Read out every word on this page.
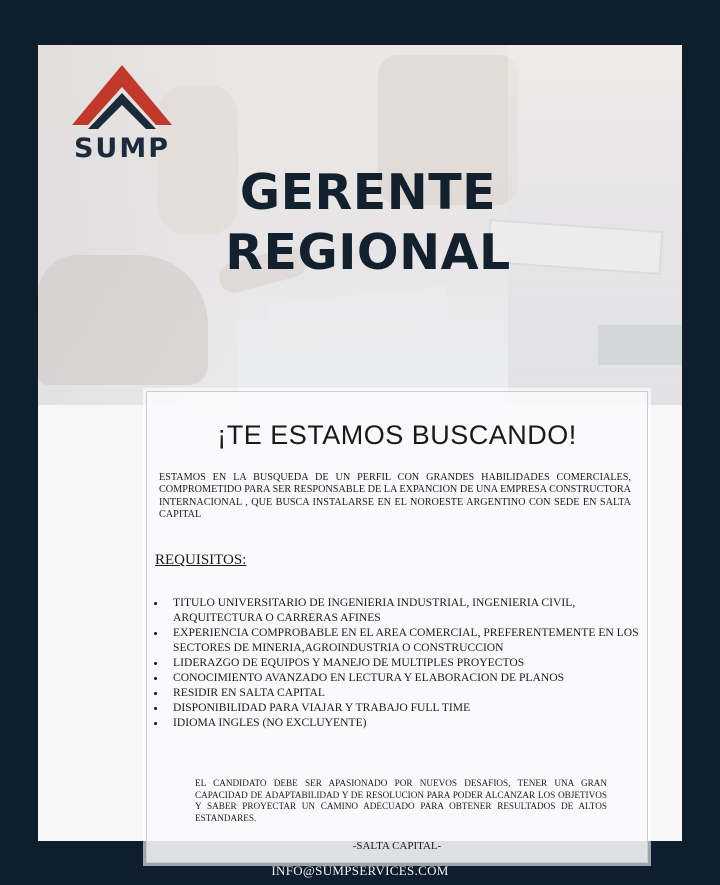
SUMP
GERENTE
REGIONAL
¡TE ESTAMOS BUSCANDO!
ESTAMOS EN LA BUSQUEDA DE UN PERFIL CON GRANDES HABILIDADES COMERCIALES, COMPROMETIDO PARA SER RESPONSABLE DE LA EXPANCION DE UNA EMPRESA CONSTRUCTORA INTERNACIONAL , QUE BUSCA INSTALARSE EN EL NOROESTE ARGENTINO CON SEDE EN SALTA CAPITAL
REQUISITOS:
• TITULO UNIVERSITARIO DE INGENIERIA INDUSTRIAL, INGENIERIA CIVIL, ARQUITECTURA O CARRERAS AFINES
• EXPERIENCIA COMPROBABLE EN EL AREA COMERCIAL, PREFERENTEMENTE EN LOS SECTORES DE MINERIA,AGROINDUSTRIA O CONSTRUCCION
• LIDERAZGO DE EQUIPOS Y MANEJO DE MULTIPLES PROYECTOS
• CONOCIMIENTO AVANZADO EN LECTURA Y ELABORACION DE PLANOS
• RESIDIR EN SALTA CAPITAL
• DISPONIBILIDAD PARA VIAJAR Y TRABAJO FULL TIME
• IDIOMA INGLES (NO EXCLUYENTE)
EL CANDIDATO DEBE SER APASIONADO POR NUEVOS DESAFIOS, TENER UNA GRAN CAPACIDAD DE ADAPTABILIDAD Y DE RESOLUCION PARA PODER ALCANZAR LOS OBJETIVOS Y SABER PROYECTAR UN CAMINO ADECUADO PARA OBTENER RESULTADOS DE ALTOS ESTANDARES.
-SALTA CAPITAL-
¡ENVIANOS TU CV!
INFO@SUMPSERVICES.COM
